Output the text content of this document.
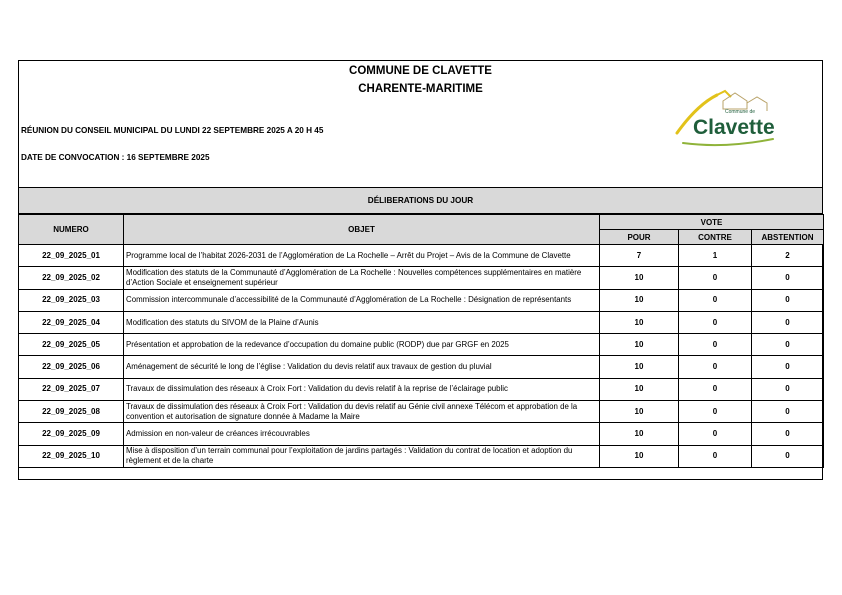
COMMUNE DE CLAVETTE
CHARENTE-MARITIME
RÉUNION DU CONSEIL MUNICIPAL DU LUNDI 22 SEPTEMBRE 2025 A 20 H 45
DATE DE CONVOCATION : 16 SEPTEMBRE 2025
Commune de
Clavette
DÉLIBERATIONS DU JOUR
NUMERO	OBJET	VOTE		
		POUR	CONTRE	ABSTENTION
22_09_2025_01	Programme local de l’habitat 2026-2031 de l’Agglomération de La Rochelle – Arrêt du Projet – Avis de la Commune de Clavette	7	1	2
22_09_2025_02	Modification des statuts de la Communauté d’Agglomération de La Rochelle : Nouvelles compétences supplémentaires en matière d’Action Sociale et enseignement supérieur	10	0	0
22_09_2025_03	Commission intercommunale d’accessibilité de la Communauté d’Agglomération de La Rochelle : Désignation de représentants	10	0	0
22_09_2025_04	Modification des statuts du SIVOM de la Plaine d’Aunis	10	0	0
22_09_2025_05	Présentation et approbation de la redevance d’occupation du domaine public (RODP) due par GRGF en 2025	10	0	0
22_09_2025_06	Aménagement de sécurité le long de l’église : Validation du devis relatif aux travaux de gestion du pluvial	10	0	0
22_09_2025_07	Travaux de dissimulation des réseaux à Croix Fort : Validation du devis relatif à la reprise de l’éclairage public	10	0	0
22_09_2025_08	Travaux de dissimulation des réseaux à Croix Fort : Validation du devis relatif au Génie civil annexe Télécom et approbation de la convention et autorisation de signature donnée à Madame la Maire	10	0	0
22_09_2025_09	Admission en non-valeur de créances irrécouvrables	10	0	0
22_09_2025_10	Mise à disposition d’un terrain communal pour l’exploitation de jardins partagés : Validation du contrat de location et adoption du règlement et de la charte	10	0	0
